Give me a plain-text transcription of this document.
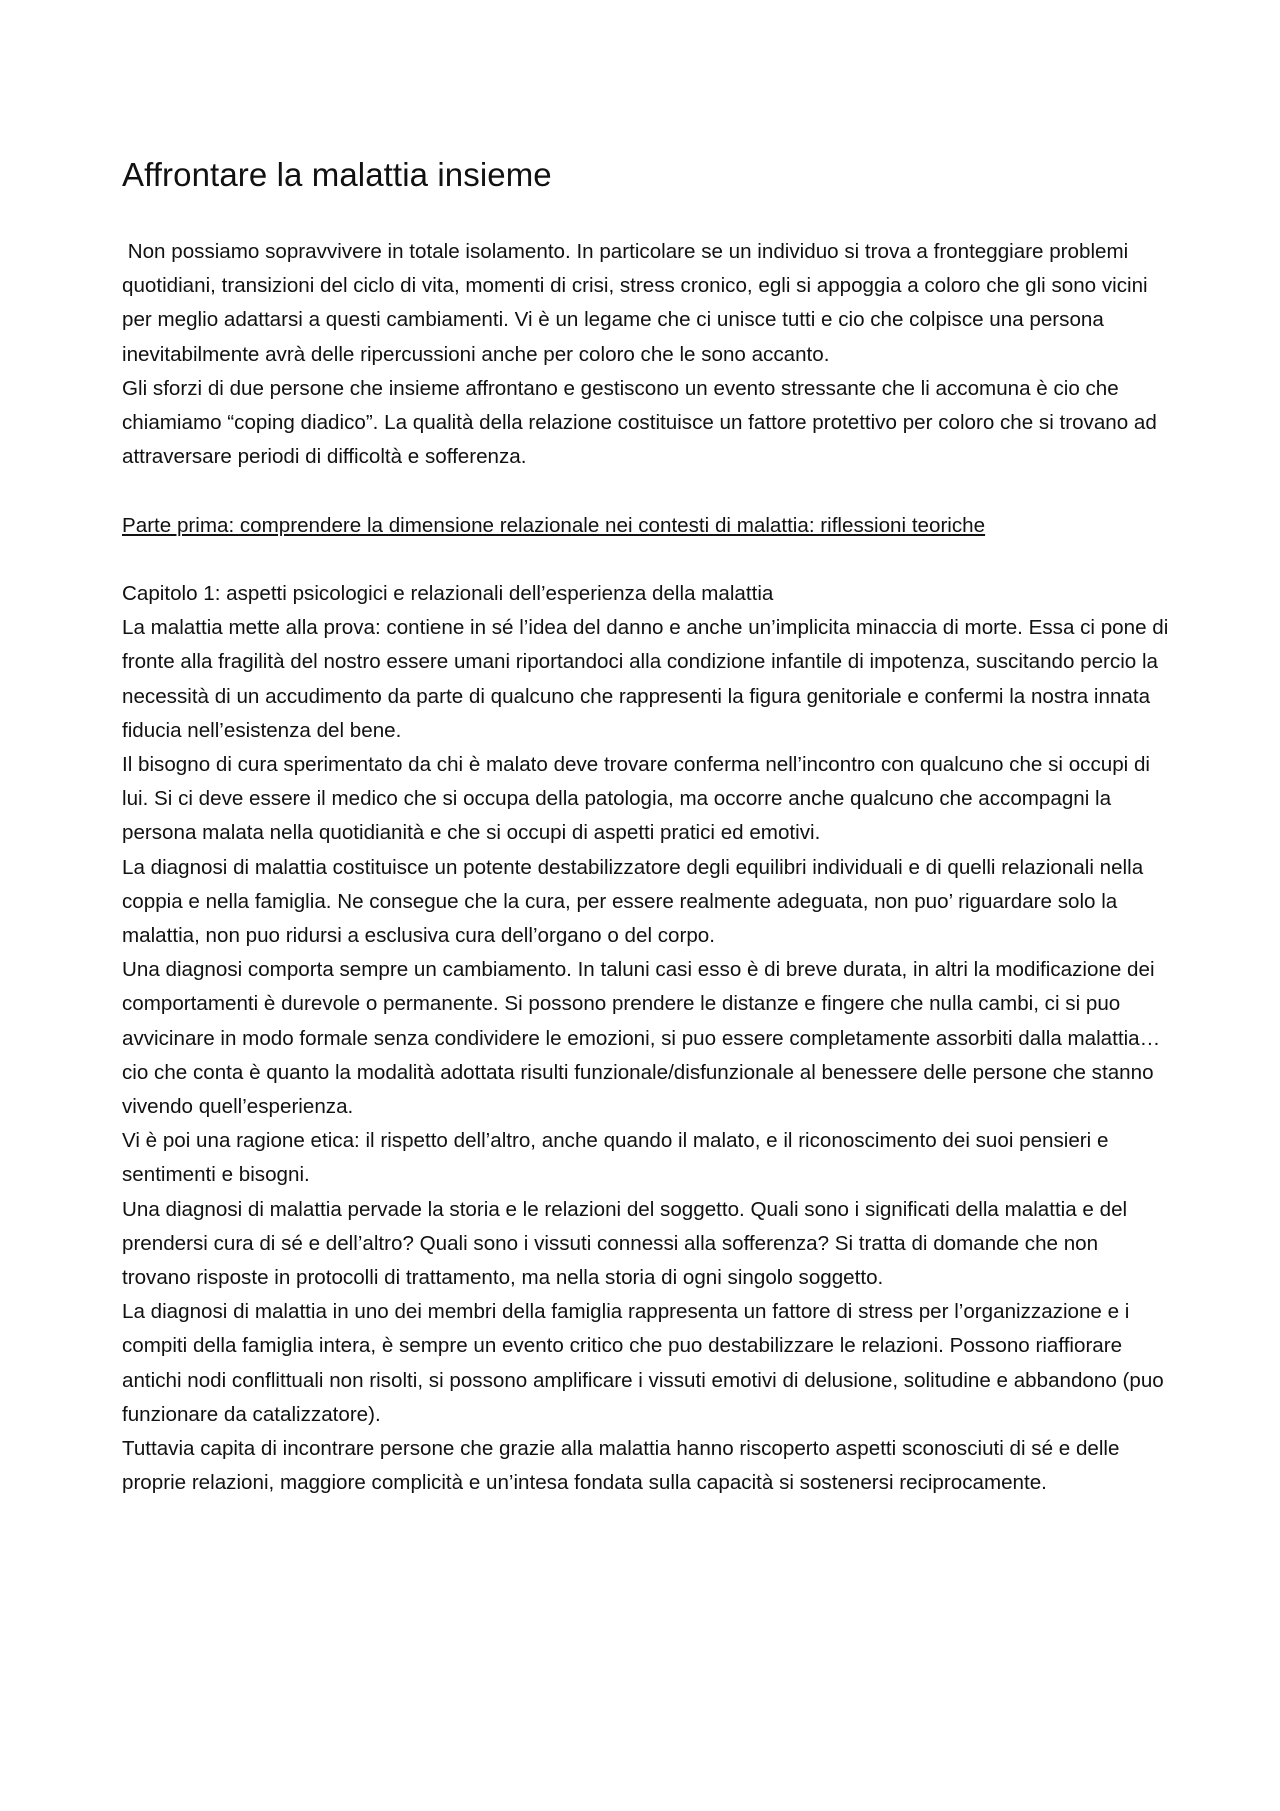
Affrontare la malattia insieme

Non possiamo sopravvivere in totale isolamento. In particolare se un individuo si trova a fronteggiare problemi quotidiani, transizioni del ciclo di vita, momenti di crisi, stress cronico, egli si appoggia a coloro che gli sono vicini per meglio adattarsi a questi cambiamenti. Vi è un legame che ci unisce tutti e cio che colpisce una persona inevitabilmente avrà delle ripercussioni anche per coloro che le sono accanto.

Gli sforzi di due persone che insieme affrontano e gestiscono un evento stressante che li accomuna è cio che chiamiamo “coping diadico”. La qualità della relazione costituisce un fattore protettivo per coloro che si trovano ad attraversare periodi di difficoltà e sofferenza.

Parte prima: comprendere la dimensione relazionale nei contesti di malattia: riflessioni teoriche

Capitolo 1: aspetti psicologici e relazionali dell’esperienza della malattia

La malattia mette alla prova: contiene in sé l’idea del danno e anche un’implicita minaccia di morte. Essa ci pone di fronte alla fragilità del nostro essere umani riportandoci alla condizione infantile di impotenza, suscitando percio la necessità di un accudimento da parte di qualcuno che rappresenti la figura genitoriale e confermi la nostra innata fiducia nell’esistenza del bene.

Il bisogno di cura sperimentato da chi è malato deve trovare conferma nell’incontro con qualcuno che si occupi di lui. Si ci deve essere il medico che si occupa della patologia, ma occorre anche qualcuno che accompagni la persona malata nella quotidianità e che si occupi di aspetti pratici ed emotivi.

La diagnosi di malattia costituisce un potente destabilizzatore degli equilibri individuali e di quelli relazionali nella coppia e nella famiglia. Ne consegue che la cura, per essere realmente adeguata, non puo’ riguardare solo la malattia, non puo ridursi a esclusiva cura dell’organo o del corpo.

Una diagnosi comporta sempre un cambiamento. In taluni casi esso è di breve durata, in altri la modificazione dei comportamenti è durevole o permanente. Si possono prendere le distanze e fingere che nulla cambi, ci si puo avvicinare in modo formale senza condividere le emozioni, si puo essere completamente assorbiti dalla malattia… cio che conta è quanto la modalità adottata risulti funzionale/disfunzionale al benessere delle persone che stanno vivendo quell’esperienza.

Vi è poi una ragione etica: il rispetto dell’altro, anche quando il malato, e il riconoscimento dei suoi pensieri e sentimenti e bisogni.

Una diagnosi di malattia pervade la storia e le relazioni del soggetto. Quali sono i significati della malattia e del prendersi cura di sé e dell’altro? Quali sono i vissuti connessi alla sofferenza? Si tratta di domande che non trovano risposte in protocolli di trattamento, ma nella storia di ogni singolo soggetto.

La diagnosi di malattia in uno dei membri della famiglia rappresenta un fattore di stress per l’organizzazione e i compiti della famiglia intera, è sempre un evento critico che puo destabilizzare le relazioni. Possono riaffiorare antichi nodi conflittuali non risolti, si possono amplificare i vissuti emotivi di delusione, solitudine e abbandono (puo funzionare da catalizzatore).

Tuttavia capita di incontrare persone che grazie alla malattia hanno riscoperto aspetti sconosciuti di sé e delle proprie relazioni, maggiore complicità e un’intesa fondata sulla capacità si sostenersi reciprocamente.
